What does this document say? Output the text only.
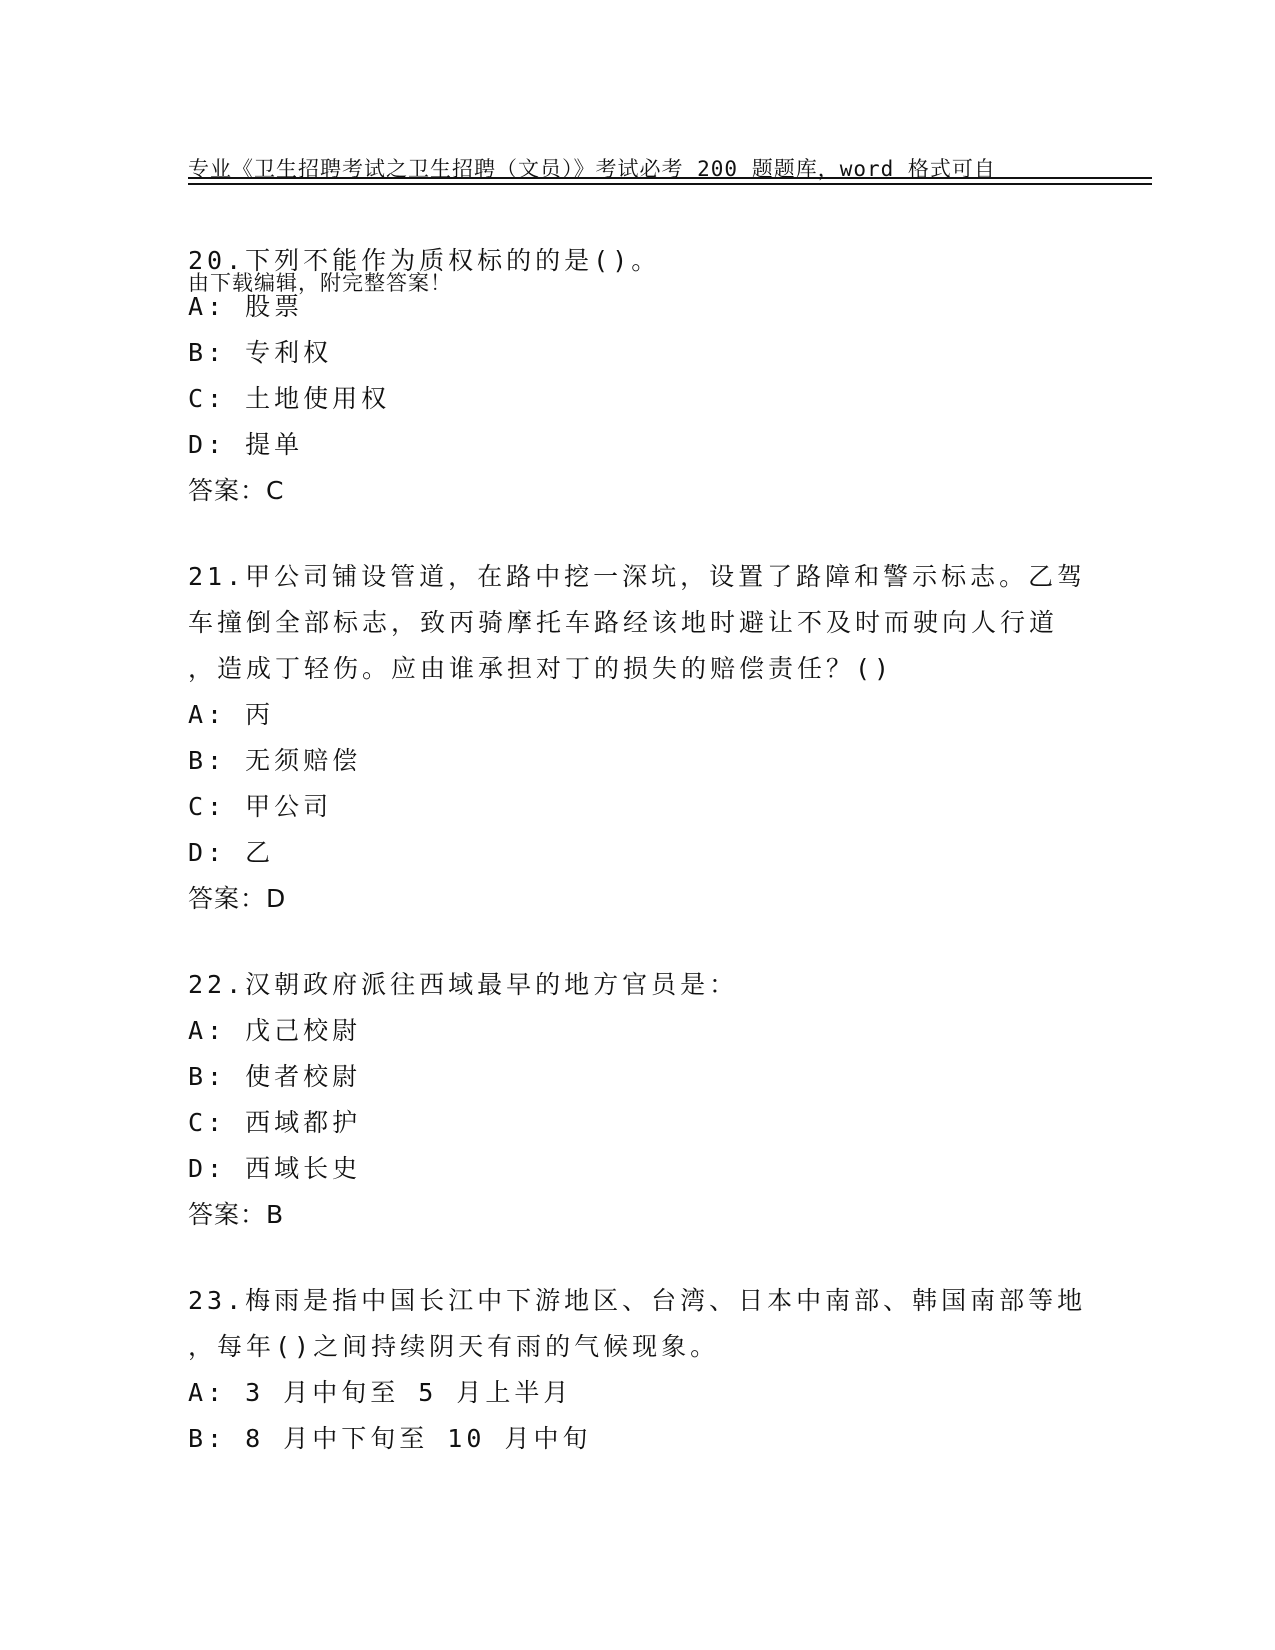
专业《卫生招聘考试之卫生招聘（文员）》考试必考 200 题题库，word 格式可自

由下载编辑，附完整答案！

20.下列不能作为质权标的的是()。
A: 股票
B: 专利权
C: 土地使用权
D: 提单
答案：C
21.甲公司铺设管道，在路中挖一深坑，设置了路障和警示标志。乙驾
车撞倒全部标志，致丙骑摩托车路经该地时避让不及时而驶向人行道
，造成丁轻伤。应由谁承担对丁的损失的赔偿责任？()
A: 丙
B: 无须赔偿
C: 甲公司
D: 乙
答案：D
22.汉朝政府派往西域最早的地方官员是：
A: 戊己校尉
B: 使者校尉
C: 西域都护
D: 西域长史
答案：B
23.梅雨是指中国长江中下游地区、台湾、日本中南部、韩国南部等地
，每年()之间持续阴天有雨的气候现象。
A: 3 月中旬至 5 月上半月
B: 8 月中下旬至 10 月中旬
